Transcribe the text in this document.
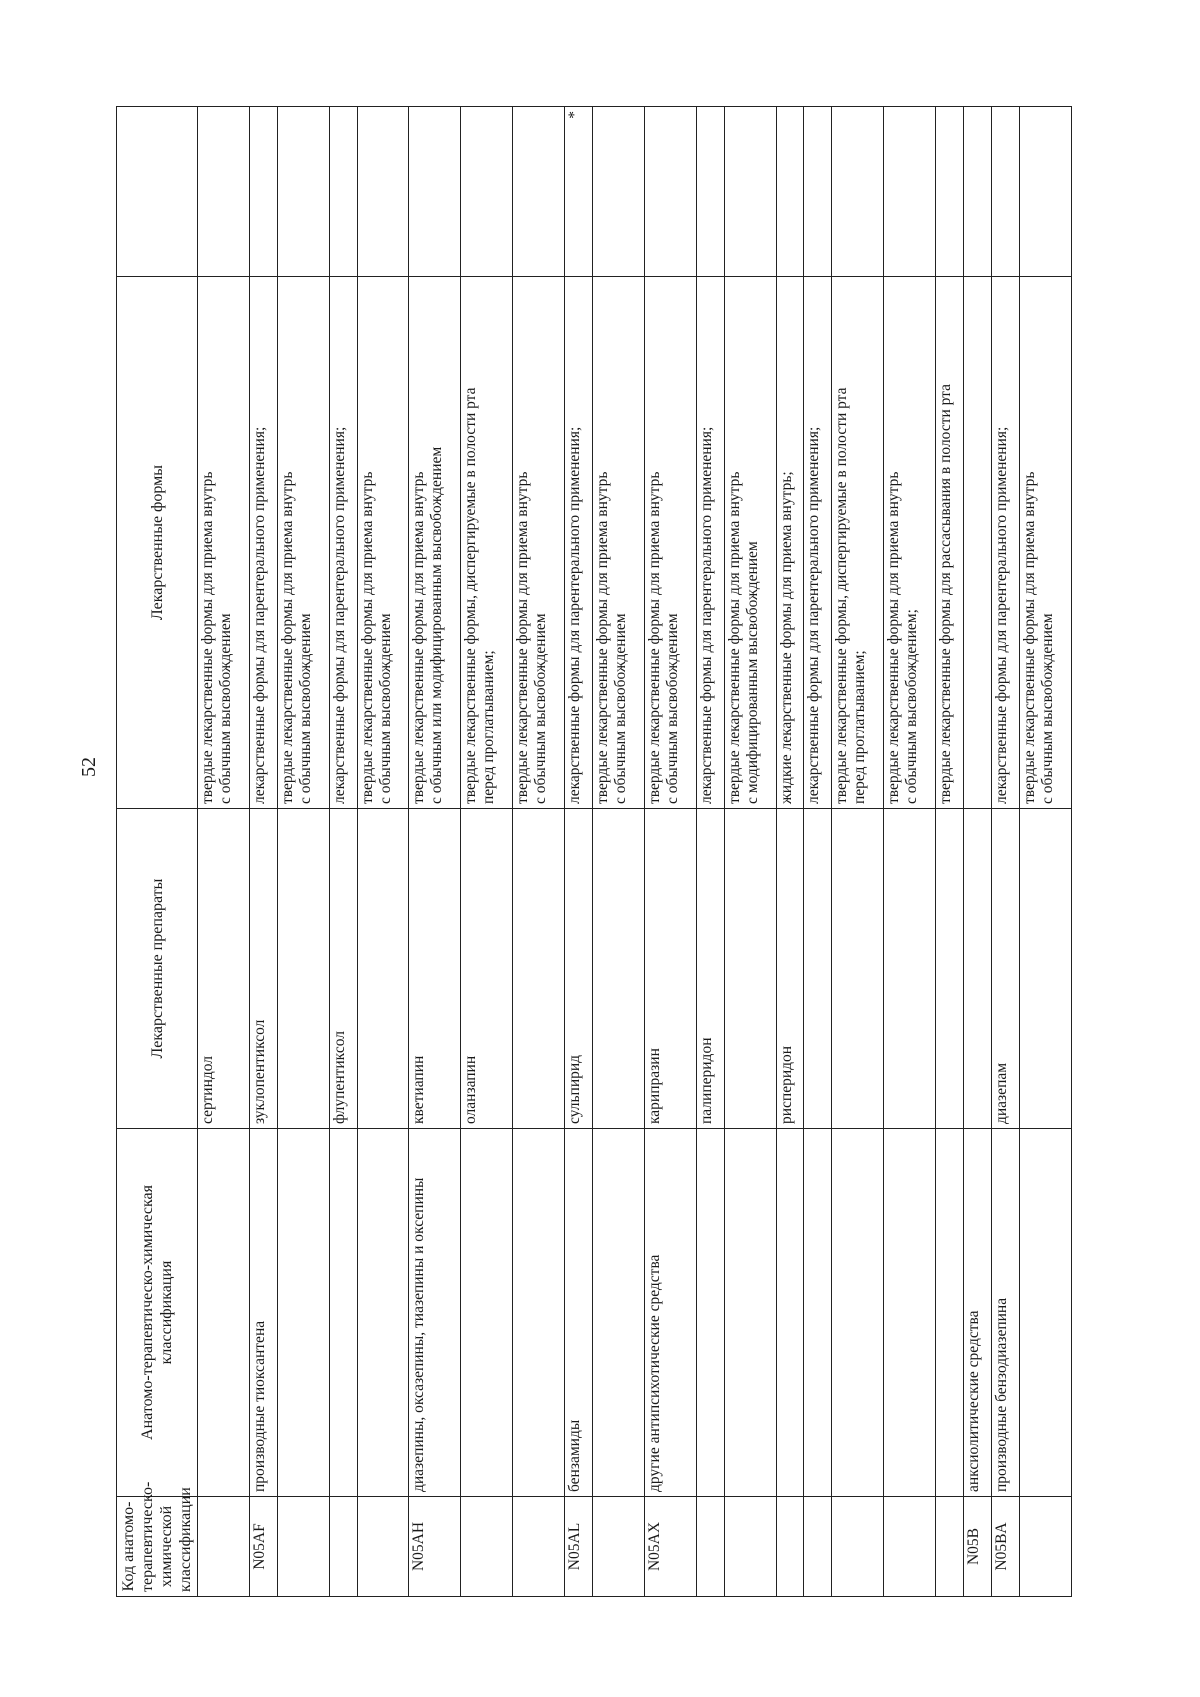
52
Код анатомо-терапевтическо-химической классификации	Анатомо-терапевтическо-химическая классификация	Лекарственные препараты	Лекарственные формы	
		сертиндол	твердые лекарственные формы для приема внутрь с обычным высвобождением	

N05AF	производные тиоксантена	зуклопентиксол	лекарственные формы для парентерального применения;	

			твердые лекарственные формы для приема внутрь с обычным высвобождением	

		флупентиксол	лекарственные формы для парентерального применения;	

			твердые лекарственные формы для приема внутрь с обычным высвобождением	

N05AH	диазепины, оксазепины, тиазепины и оксепины	кветиапин	твердые лекарственные формы для приема внутрь с обычным или модифицированным высвобождением	

		оланзапин	твердые лекарственные формы, диспергируемые в полости рта перед проглатыванием;	

			твердые лекарственные формы для приема внутрь с обычным высвобождением	

N05AL	бензамиды	сульпирид	лекарственные формы для парентерального применения;	*

			твердые лекарственные формы для приема внутрь с обычным высвобождением	

N05AX	другие антипсихотические средства	карипразин	твердые лекарственные формы для приема внутрь с обычным высвобождением	

		палиперидон	лекарственные формы для парентерального применения;	

			твердые лекарственные формы для приема внутрь с модифицированным высвобождением	

		рисперидон	жидкие лекарственные формы для приема внутрь;	

			лекарственные формы для парентерального применения;	

			твердые лекарственные формы, диспергируемые в полости рта перед проглатыванием;	

			твердые лекарственные формы для приема внутрь с обычным высвобождением;	

			твердые лекарственные формы для рассасывания в полости рта	

N05B	анксиолитические средства			
N05BA	производные бензодиазепина	диазепам	лекарственные формы для парентерального применения;	

			твердые лекарственные формы для приема внутрь с обычным высвобождением	
